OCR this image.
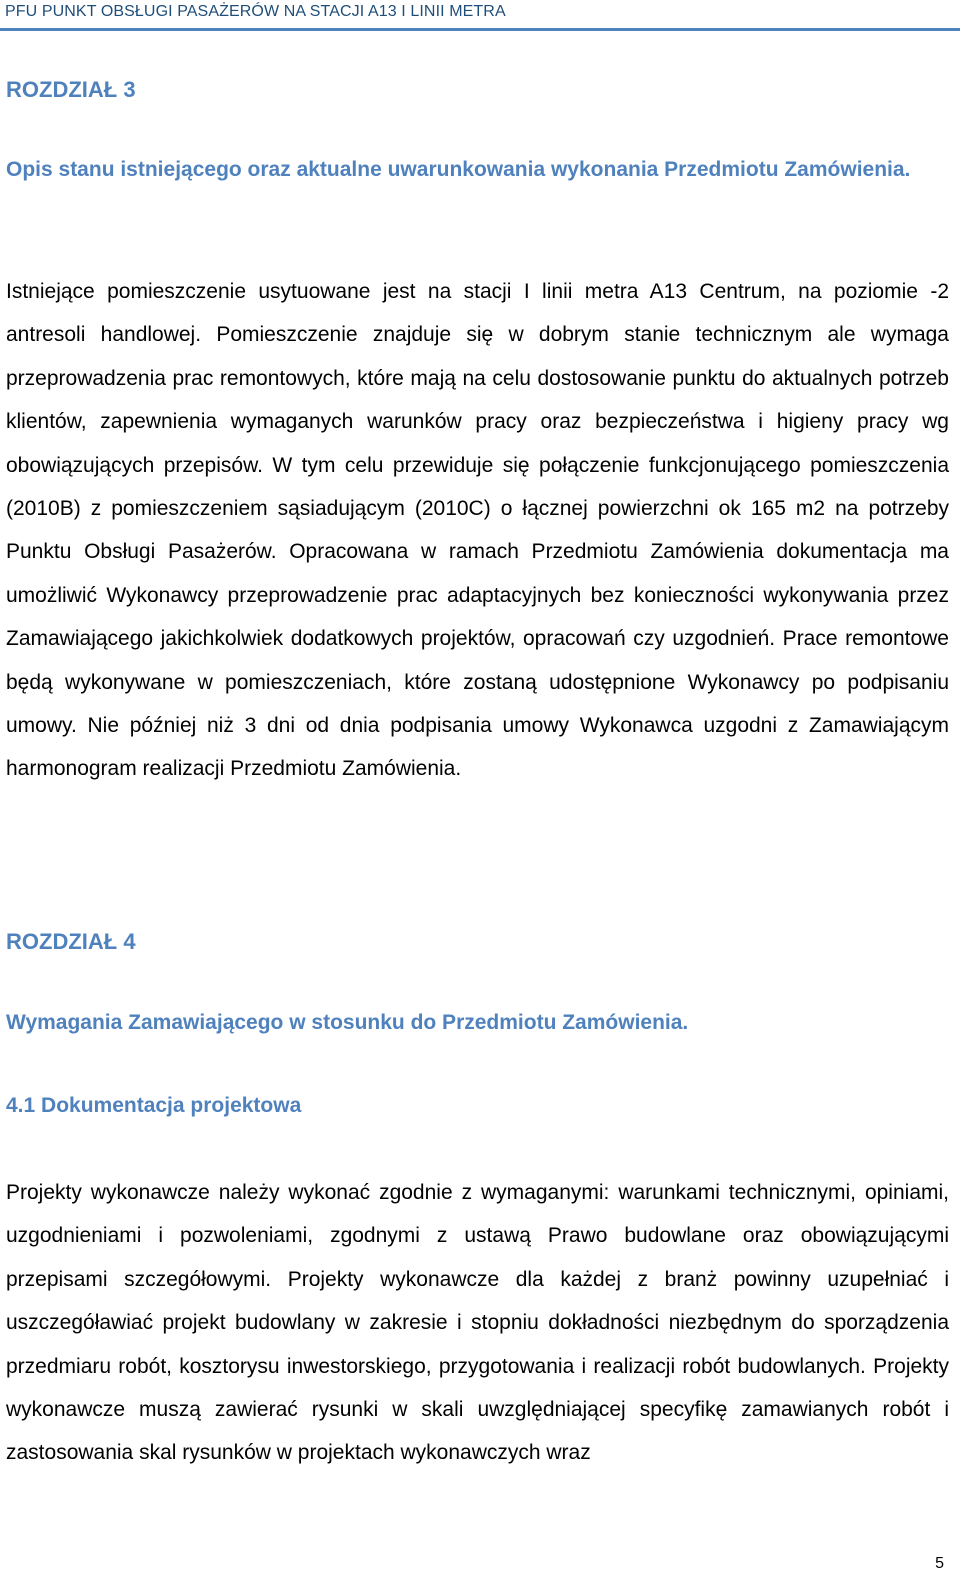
PFU PUNKT OBSŁUGI PASAŻERÓW NA STACJI A13 I LINII METRA
ROZDZIAŁ 3
Opis stanu istniejącego oraz aktualne uwarunkowania wykonania Przedmiotu Zamówienia.

Istniejące pomieszczenie usytuowane jest na stacji I linii metra A13 Centrum, na poziomie -2 antresoli handlowej. Pomieszczenie znajduje się w dobrym stanie technicznym ale wymaga przeprowadzenia prac remontowych, które mają na celu dostosowanie punktu do aktualnych potrzeb klientów, zapewnienia wymaganych warunków pracy oraz bezpieczeństwa i higieny pracy wg obowiązujących przepisów. W tym celu przewiduje się połączenie funkcjonującego pomieszczenia (2010B) z pomieszczeniem sąsiadującym (2010C) o łącznej powierzchni ok 165 m2 na potrzeby Punktu Obsługi Pasażerów. Opracowana w ramach Przedmiotu Zamówienia dokumentacja ma umożliwić Wykonawcy przeprowadzenie prac adaptacyjnych bez konieczności wykonywania przez Zamawiającego jakichkolwiek dodatkowych projektów, opracowań czy uzgodnień. Prace remontowe będą wykonywane w pomieszczeniach, które zostaną udostępnione Wykonawcy po podpisaniu umowy. Nie później niż 3 dni od dnia podpisania umowy Wykonawca uzgodni z Zamawiającym harmonogram realizacji Przedmiotu Zamówienia.

ROZDZIAŁ 4
Wymagania Zamawiającego w stosunku do Przedmiotu Zamówienia.
4.1 Dokumentacja projektowa

Projekty wykonawcze należy wykonać zgodnie z wymaganymi: warunkami technicznymi, opiniami, uzgodnieniami i pozwoleniami, zgodnymi z ustawą Prawo budowlane oraz obowiązującymi przepisami szczegółowymi. Projekty wykonawcze dla każdej z branż powinny uzupełniać i uszczegóławiać projekt budowlany w zakresie i stopniu dokładności niezbędnym do sporządzenia przedmiaru robót, kosztorysu inwestorskiego, przygotowania i realizacji robót budowlanych. Projekty wykonawcze muszą zawierać rysunki w skali uwzględniającej specyfikę zamawianych robót i zastosowania skal rysunków w projektach wykonawczych wraz

5
